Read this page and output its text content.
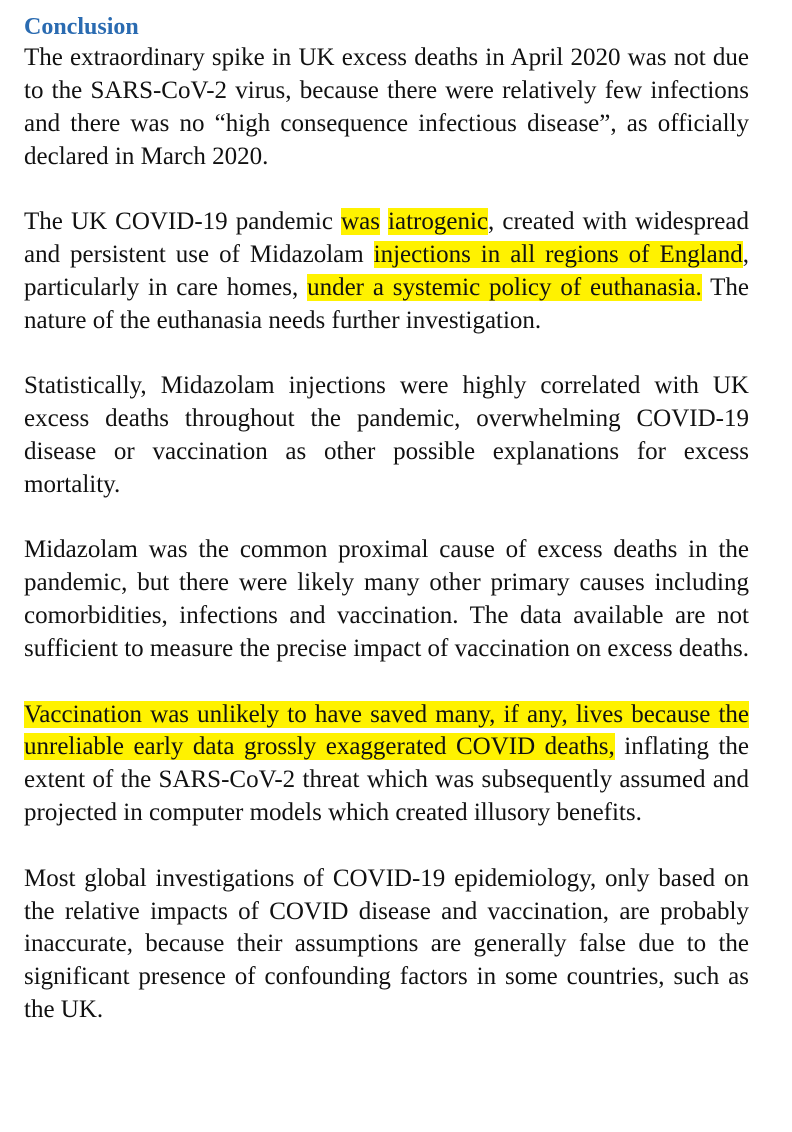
Conclusion

The extraordinary spike in UK excess deaths in April 2020 was not due to the SARS-CoV-2 virus, because there were relatively few infections and there was no “high consequence infectious disease”, as officially declared in March 2020.

The UK COVID-19 pandemic was iatrogenic, created with widespread and persistent use of Midazolam injections in all regions of England, particularly in care homes, under a systemic policy of euthanasia. The nature of the euthanasia needs further investigation.

Statistically, Midazolam injections were highly correlated with UK excess deaths throughout the pandemic, overwhelming COVID-19 disease or vaccination as other possible explanations for excess mortality.

Midazolam was the common proximal cause of excess deaths in the pandemic, but there were likely many other primary causes including comorbidities, infections and vaccination. The data available are not sufficient to measure the precise impact of vaccination on excess deaths.

Vaccination was unlikely to have saved many, if any, lives because the unreliable early data grossly exaggerated COVID deaths, inflating the extent of the SARS-CoV-2 threat which was subsequently assumed and projected in computer models which created illusory benefits.

Most global investigations of COVID-19 epidemiology, only based on the relative impacts of COVID disease and vaccination, are probably inaccurate, because their assumptions are generally false due to the significant presence of confounding factors in some countries, such as the UK.
